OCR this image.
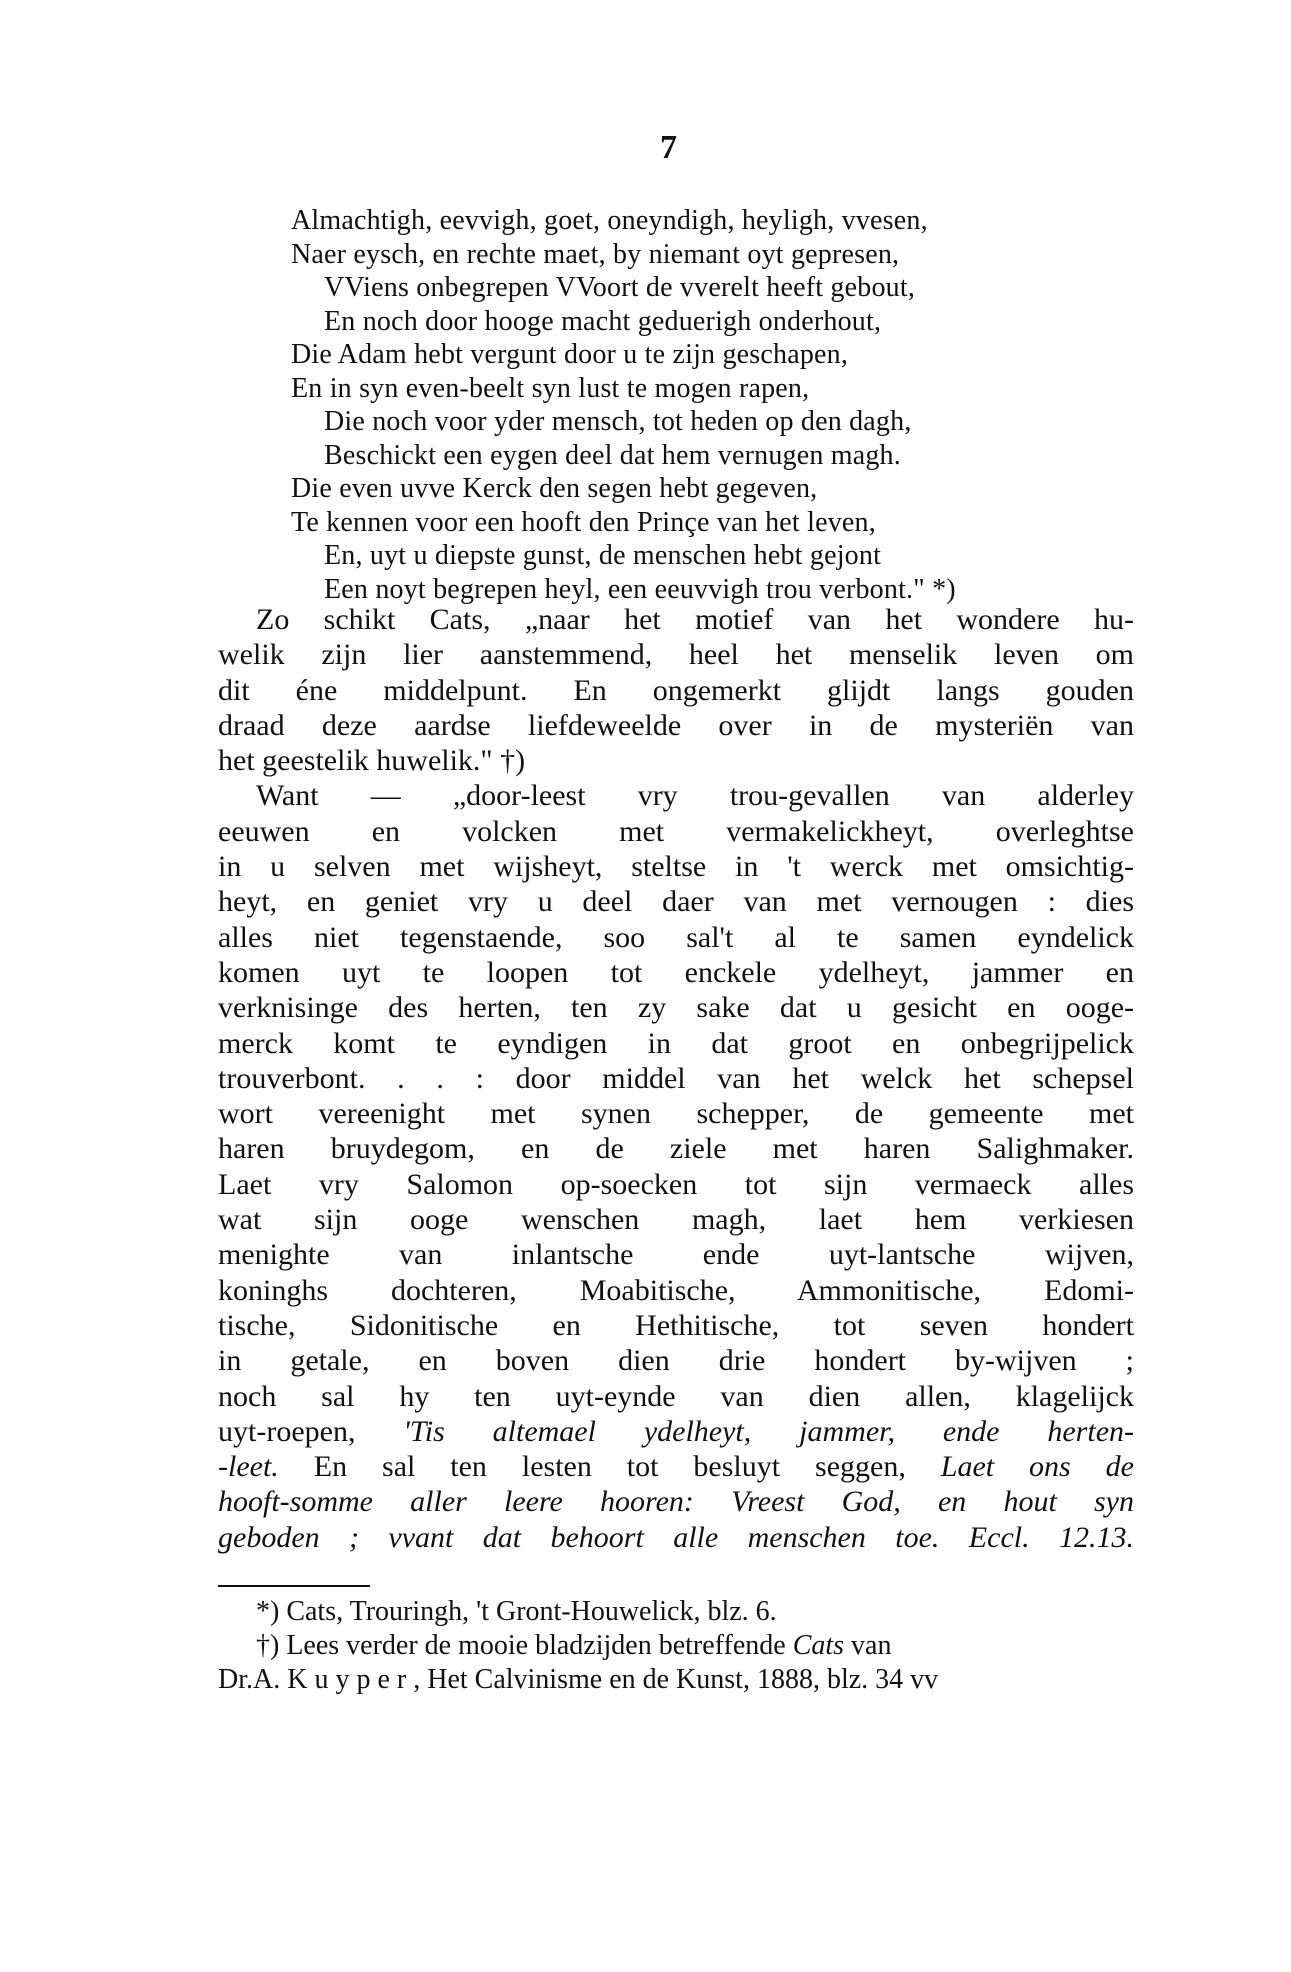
7
Almachtigh, eevvigh, goet, oneyndigh, heyligh, vvesen,
Naer eysch, en rechte maet, by niemant oyt gepresen,
VViens onbegrepen VVoort de vverelt heeft gebout,
En noch door hooge macht geduerigh onderhout,
Die Adam hebt vergunt door u te zijn geschapen,
En in syn even-beelt syn lust te mogen rapen,
Die noch voor yder mensch, tot heden op den dagh,
Beschickt een eygen deel dat hem vernugen magh.
Die even uvve Kerck den segen hebt gegeven,
Te kennen voor een hooft den Prinçe van het leven,
En, uyt u diepste gunst, de menschen hebt gejont
Een noyt begrepen heyl, een eeuvvigh trou verbont." *)
Zo schikt Cats, „naar het motief van het wondere hu-
welik zijn lier aanstemmend, heel het menselik leven om
dit éne middelpunt. En ongemerkt glijdt langs gouden
draad deze aardse liefdeweelde over in de mysteriën van
het geestelik huwelik." †)
Want — „door-leest vry trou-gevallen van alderley
eeuwen en volcken met vermakelickheyt, overleghtse
in u selven met wijsheyt, steltse in 't werck met omsichtig-
heyt, en geniet vry u deel daer van met vernougen : dies
alles niet tegenstaende, soo sal't al te samen eyndelick
komen uyt te loopen tot enckele ydelheyt, jammer en
verknisinge des herten, ten zy sake dat u gesicht en ooge-
merck komt te eyndigen in dat groot en onbegrijpelick
trouverbont. . . : door middel van het welck het schepsel
wort vereenight met synen schepper, de gemeente met
haren bruydegom, en de ziele met haren Salighmaker.
Laet vry Salomon op-soecken tot sijn vermaeck alles
wat sijn ooge wenschen magh, laet hem verkiesen
menighte van inlantsche ende uyt-lantsche wijven,
koninghs dochteren, Moabitische, Ammonitische, Edomi-
tische, Sidonitische en Hethitische, tot seven hondert
in getale, en boven dien drie hondert by-wijven ;
noch sal hy ten uyt-eynde van dien allen, klagelijck
uyt-roepen, 'Tis altemael ydelheyt, jammer, ende herten-
-leet. En sal ten lesten tot besluyt seggen, Laet ons de
hooft-somme aller leere hooren: Vreest God, en hout syn
geboden ; vvant dat behoort alle menschen toe. Eccl. 12.13.
*) Cats, Trouringh, 't Gront-Houwelick, blz. 6.
†) Lees verder de mooie bladzijden betreffende Cats van
Dr.A. Kuyper, Het Calvinisme en de Kunst, 1888, blz. 34 vv
